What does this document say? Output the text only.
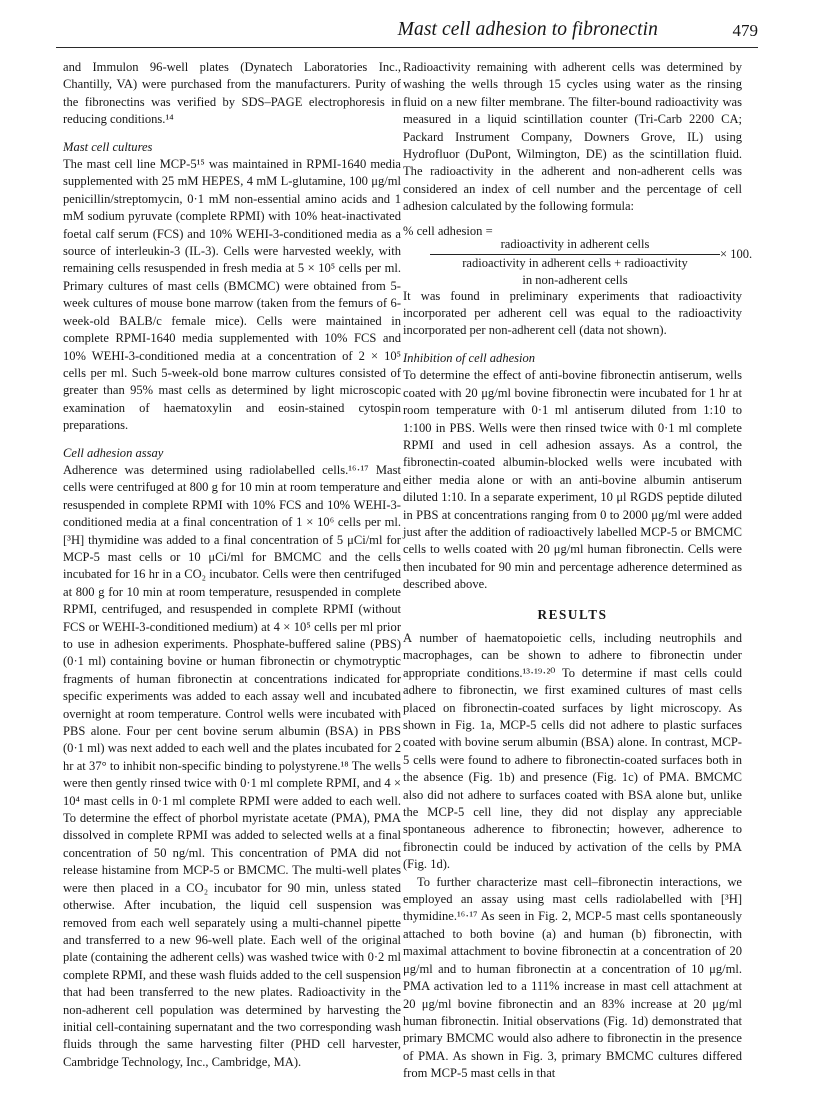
Mast cell adhesion to fibronectin	479

and Immulon 96-well plates (Dynatech Laboratories Inc., Chantilly, VA) were purchased from the manufacturers. Purity of the fibronectins was verified by SDS–PAGE electrophoresis in reducing conditions.¹⁴

Mast cell cultures

The mast cell line MCP-5¹⁵ was maintained in RPMI-1640 media supplemented with 25 mM HEPES, 4 mM L-glutamine, 100 μg/ml penicillin/streptomycin, 0·1 mM non-essential amino acids and 1 mM sodium pyruvate (complete RPMI) with 10% heat-inactivated foetal calf serum (FCS) and 10% WEHI-3-conditioned media as a source of interleukin-3 (IL-3). Cells were harvested weekly, with remaining cells resuspended in fresh media at 5 × 10⁵ cells per ml. Primary cultures of mast cells (BMCMC) were obtained from 5-week cultures of mouse bone marrow (taken from the femurs of 6-week-old BALB/c female mice). Cells were maintained in complete RPMI-1640 media supplemented with 10% FCS and 10% WEHI-3-conditioned media at a concentration of 2 × 10⁵ cells per ml. Such 5-week-old bone marrow cultures consisted of greater than 95% mast cells as determined by light microscopic examination of haematoxylin and eosin-stained cytospin preparations.

Cell adhesion assay

Adherence was determined using radiolabelled cells.¹⁶·¹⁷ Mast cells were centrifuged at 800 g for 10 min at room temperature and resuspended in complete RPMI with 10% FCS and 10% WEHI-3-conditioned media at a final concentration of 1 × 10⁶ cells per ml. [³H] thymidine was added to a final concentration of 5 μCi/ml for MCP-5 mast cells or 10 μCi/ml for BMCMC and the cells incubated for 16 hr in a CO₂ incubator. Cells were then centrifuged at 800 g for 10 min at room temperature, resuspended in complete RPMI, centrifuged, and resuspended in complete RPMI (without FCS or WEHI-3-conditioned medium) at 4 × 10⁵ cells per ml prior to use in adhesion experiments. Phosphate-buffered saline (PBS) (0·1 ml) containing bovine or human fibronectin or chymotryptic fragments of human fibronectin at concentrations indicated for specific experiments was added to each assay well and incubated overnight at room temperature. Control wells were incubated with PBS alone. Four per cent bovine serum albumin (BSA) in PBS (0·1 ml) was next added to each well and the plates incubated for 2 hr at 37° to inhibit non-specific binding to polystyrene.¹⁸ The wells were then gently rinsed twice with 0·1 ml complete RPMI, and 4 × 10⁴ mast cells in 0·1 ml complete RPMI were added to each well. To determine the effect of phorbol myristate acetate (PMA), PMA dissolved in complete RPMI was added to selected wells at a final concentration of 50 ng/ml. This concentration of PMA did not release histamine from MCP-5 or BMCMC. The multi-well plates were then placed in a CO₂ incubator for 90 min, unless stated otherwise. After incubation, the liquid cell suspension was removed from each well separately using a multi-channel pipette and transferred to a new 96-well plate. Each well of the original plate (containing the adherent cells) was washed twice with 0·2 ml complete RPMI, and these wash fluids added to the cell suspension that had been transferred to the new plates. Radioactivity in the non-adherent cell population was determined by harvesting the initial cell-containing supernatant and the two corresponding wash fluids through the same harvesting filter (PHD cell harvester, Cambridge Technology, Inc., Cambridge, MA).

Radioactivity remaining with adherent cells was determined by washing the wells through 15 cycles using water as the rinsing fluid on a new filter membrane. The filter-bound radioactivity was measured in a liquid scintillation counter (Tri-Carb 2200 CA; Packard Instrument Company, Downers Grove, IL) using Hydrofluor (DuPont, Wilmington, DE) as the scintillation fluid. The radioactivity in the adherent and non-adherent cells was considered an index of cell number and the percentage of cell adhesion calculated by the following formula:

% cell adhesion =
radioactivity in adherent cells
radioactivity in adherent cells + radioactivity
in non-adherent cells
× 100.

It was found in preliminary experiments that radioactivity incorporated per adherent cell was equal to the radioactivity incorporated per non-adherent cell (data not shown).

Inhibition of cell adhesion

To determine the effect of anti-bovine fibronectin antiserum, wells coated with 20 μg/ml bovine fibronectin were incubated for 1 hr at room temperature with 0·1 ml antiserum diluted from 1:10 to 1:100 in PBS. Wells were then rinsed twice with 0·1 ml complete RPMI and used in cell adhesion assays. As a control, the fibronectin-coated albumin-blocked wells were incubated with either media alone or with an anti-bovine albumin antiserum diluted 1:10. In a separate experiment, 10 μl RGDS peptide diluted in PBS at concentrations ranging from 0 to 2000 μg/ml were added just after the addition of radioactively labelled MCP-5 or BMCMC cells to wells coated with 20 μg/ml human fibronectin. Cells were then incubated for 90 min and percentage adherence determined as described above.

RESULTS

A number of haematopoietic cells, including neutrophils and macrophages, can be shown to adhere to fibronectin under appropriate conditions.¹³·¹⁹·²⁰ To determine if mast cells could adhere to fibronectin, we first examined cultures of mast cells placed on fibronectin-coated surfaces by light microscopy. As shown in Fig. 1a, MCP-5 cells did not adhere to plastic surfaces coated with bovine serum albumin (BSA) alone. In contrast, MCP-5 cells were found to adhere to fibronectin-coated surfaces both in the absence (Fig. 1b) and presence (Fig. 1c) of PMA. BMCMC also did not adhere to surfaces coated with BSA alone but, unlike the MCP-5 cell line, they did not display any appreciable spontaneous adherence to fibronectin; however, adherence to fibronectin could be induced by activation of the cells by PMA (Fig. 1d).

To further characterize mast cell–fibronectin interactions, we employed an assay using mast cells radiolabelled with [³H] thymidine.¹⁶·¹⁷ As seen in Fig. 2, MCP-5 mast cells spontaneously attached to both bovine (a) and human (b) fibronectin, with maximal attachment to bovine fibronectin at a concentration of 20 μg/ml and to human fibronectin at a concentration of 10 μg/ml. PMA activation led to a 111% increase in mast cell attachment at 20 μg/ml bovine fibronectin and an 83% increase at 20 μg/ml human fibronectin. Initial observations (Fig. 1d) demonstrated that primary BMCMC would also adhere to fibronectin in the presence of PMA. As shown in Fig. 3, primary BMCMC cultures differed from MCP-5 mast cells in that
